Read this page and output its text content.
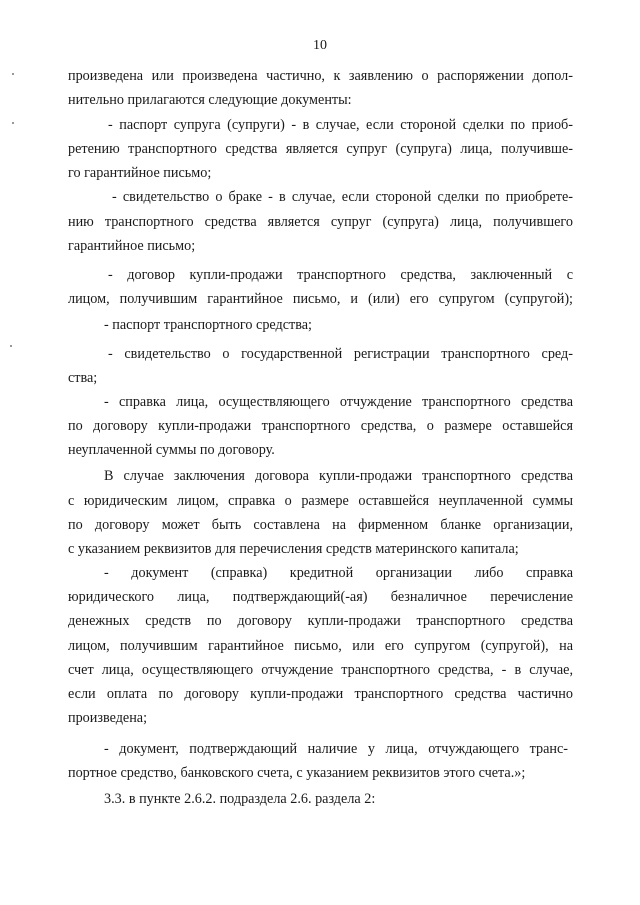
10
произведена или произведена частично, к заявлению о распоряжении допол-
нительно прилагаются следующие документы:
- паспорт супруга (супруги) - в случае, если стороной сделки по приоб-
ретению транспортного средства является супруг (супруга) лица, получивше-
го гарантийное письмо;
- свидетельство о браке - в случае, если стороной сделки по приобрете-
нию транспортного средства является супруг (супруга) лица, получившего
гарантийное письмо;
- договор купли-продажи транспортного средства, заключенный с
лицом, получившим гарантийное письмо, и (или) его супругом (супругой);
- паспорт транспортного средства;
- свидетельство о государственной регистрации транспортного сред-
ства;
- справка лица, осуществляющего отчуждение транспортного средства
по договору купли-продажи транспортного средства, о размере оставшейся
неуплаченной суммы по договору.
В случае заключения договора купли-продажи транспортного средства
с юридическим лицом, справка о размере оставшейся неуплаченной суммы
по договору может быть составлена на фирменном бланке организации,
с указанием реквизитов для перечисления средств материнского капитала;
- документ (справка) кредитной организации либо справка
юридического лица, подтверждающий(-ая) безналичное перечисление
денежных средств по договору купли-продажи транспортного средства
лицом, получившим гарантийное письмо, или его супругом (супругой), на
счет лица, осуществляющего отчуждение транспортного средства, - в случае,
если оплата по договору купли-продажи транспортного средства частично
произведена;
- документ, подтверждающий наличие у лица, отчуждающего транс-
портное средство, банковского счета, с указанием реквизитов этого счета.»;
3.3. в пункте 2.6.2. подраздела 2.6. раздела 2:
